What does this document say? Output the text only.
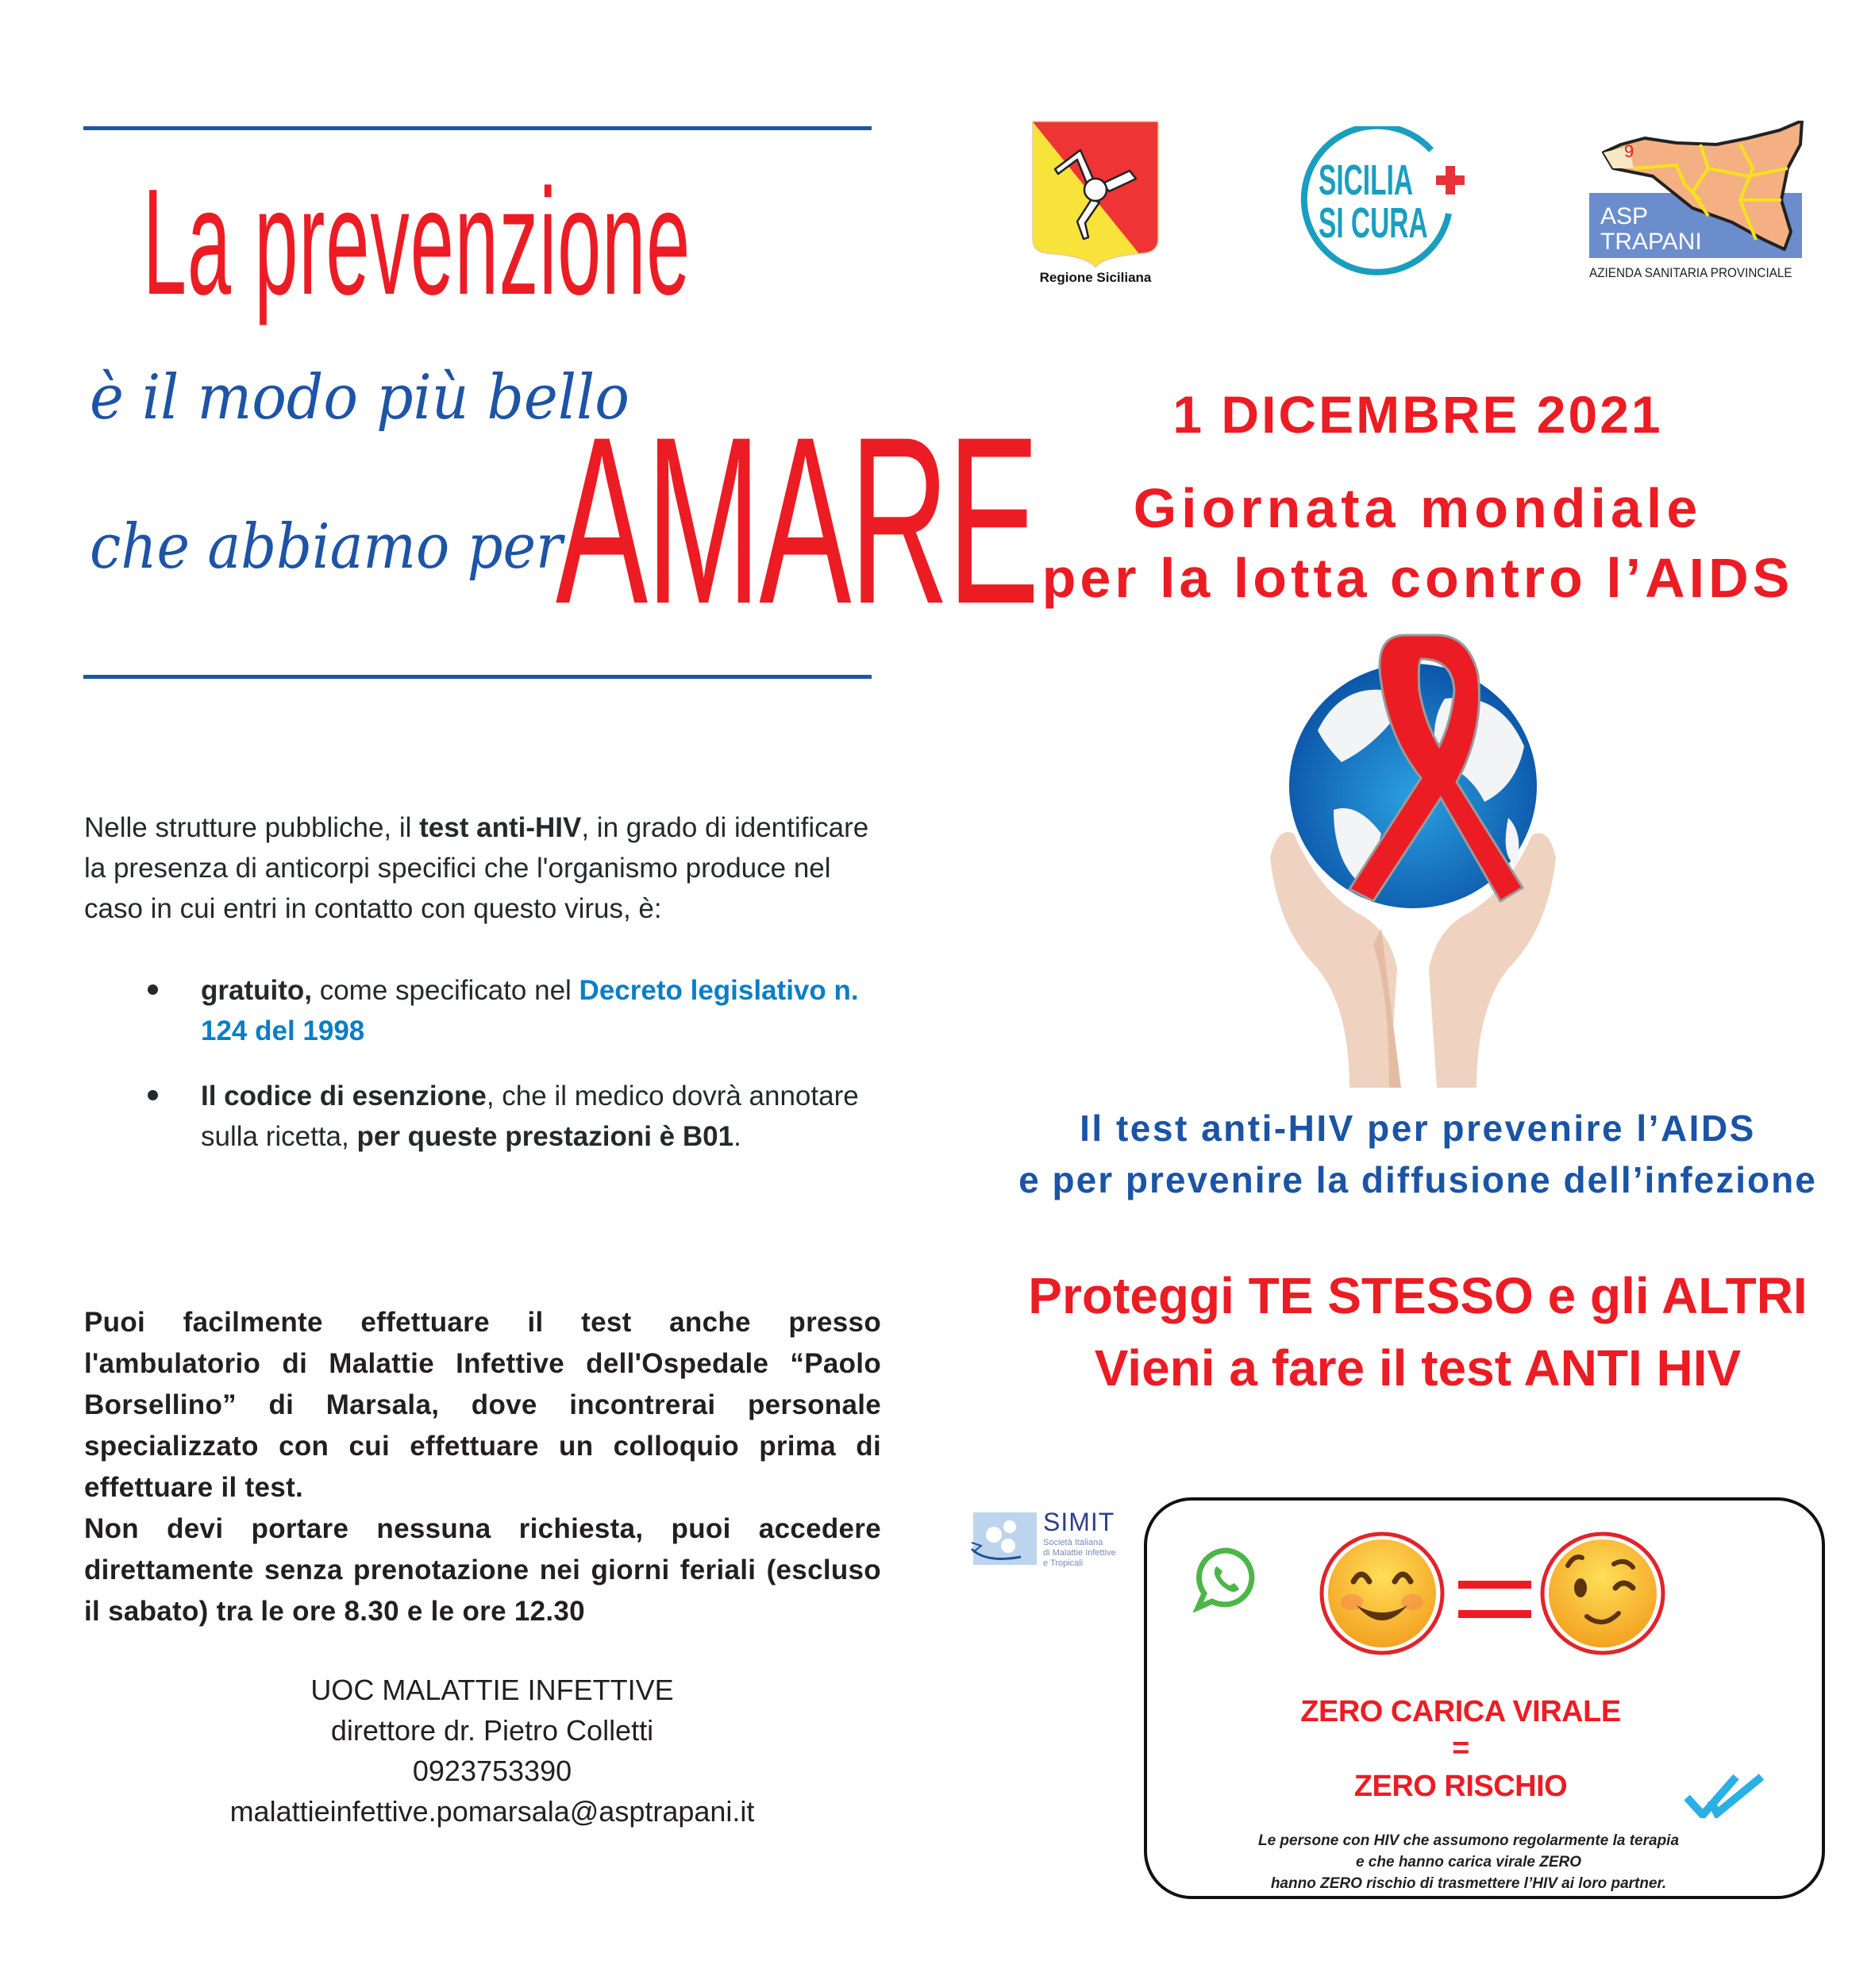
La prevenzione
è il modo più bello
che abbiamo per
AMARE
Nelle strutture pubbliche, il test anti-HIV, in grado di identificare la presenza di anticorpi specifici che l'organismo produce nel caso in cui entri in contatto con questo virus, è:
gratuito, come specificato nel Decreto legislativo n. 124 del 1998
Il codice di esenzione, che il medico dovrà annotare sulla ricetta, per queste prestazioni è B01.
Puoi facilmente effettuare il test anche presso l'ambulatorio di Malattie Infettive dell'Ospedale “Paolo Borsellino” di Marsala, dove incontrerai personale specializzato con cui effettuare un colloquio prima di effettuare il test.
Non devi portare nessuna richiesta, puoi accedere direttamente senza prenotazione nei giorni feriali (escluso il sabato) tra le ore 8.30 e le ore 12.30
UOC MALATTIE INFETTIVE
direttore dr. Pietro Colletti
0923753390
malattieinfettive.pomarsala@asptrapani.it
Regione Siciliana
SICILIA
SI CURA
9
ASP
TRAPANI
AZIENDA SANITARIA PROVINCIALE
1 DICEMBRE 2021
Giornata mondiale
per la lotta contro l’AIDS
Il test anti-HIV per prevenire l’AIDS
e per prevenire la diffusione dell’infezione
Proteggi TE STESSO e gli ALTRI
Vieni a fare il test ANTI HIV
SIMIT
Società Italiana
di Malattie Infettive
e Tropicali
ZERO CARICA VIRALE
=
ZERO RISCHIO
Le persone con HIV che assumono regolarmente la terapia
e che hanno carica virale ZERO
hanno ZERO rischio di trasmettere l’HIV ai loro partner.
